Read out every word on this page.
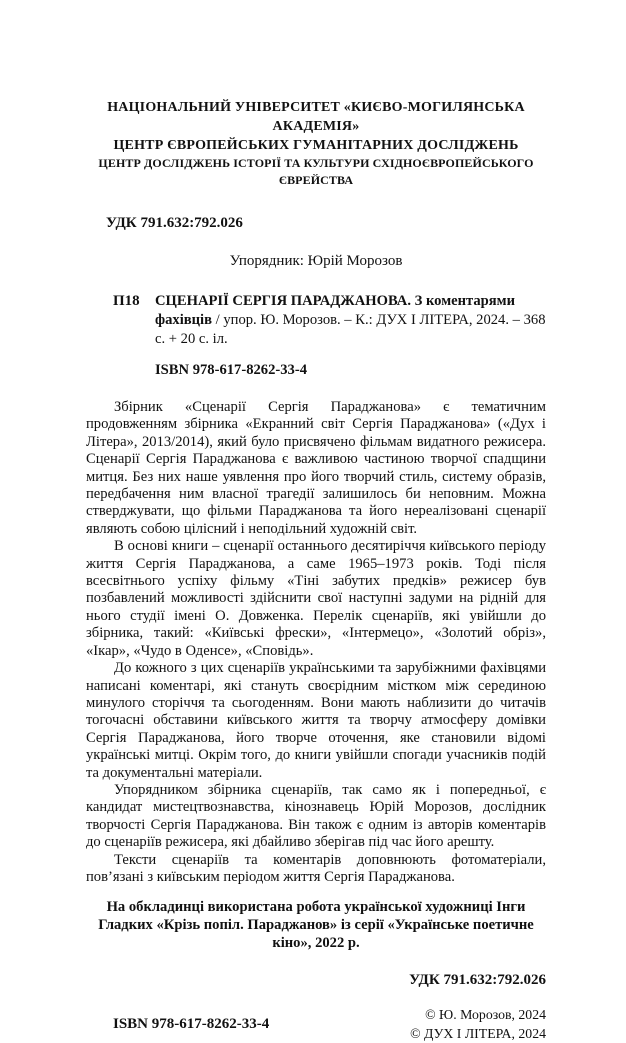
НАЦІОНАЛЬНИЙ УНІВЕРСИТЕТ «КИЄВО-МОГИЛЯНСЬКА АКАДЕМІЯ»
ЦЕНТР ЄВРОПЕЙСЬКИХ ГУМАНІТАРНИХ ДОСЛІДЖЕНЬ
ЦЕНТР ДОСЛІДЖЕНЬ ІСТОРІЇ ТА КУЛЬТУРИ СХІДНОЄВРОПЕЙСЬКОГО ЄВРЕЙСТВА
УДК 791.632:792.026
Упорядник: Юрій Морозов
П18	СЦЕНАРІЇ СЕРГІЯ ПАРАДЖАНОВА. З коментарями фахівців / упор. Ю. Морозов. – К.: ДУХ І ЛІТЕРА, 2024. – 368 с. + 20 с. іл.

ISBN 978-617-8262-33-4

Збірник «Сценарії Сергія Параджанова» є тематичним продовженням збірника «Екранний світ Сергія Параджанова» («Дух і Літера», 2013/2014), який було присвячено фільмам видатного режисера. Сценарії Сергія Параджанова є важливою частиною творчої спадщини митця. Без них наше уявлення про його творчий стиль, систему образів, передбачення ним власної трагедії залишилось би неповним. Можна стверджувати, що фільми Параджанова та його нереалізовані сценарії являють собою цілісний і неподільний художній світ.

В основі книги – сценарії останнього десятиріччя київського періоду життя Сергія Параджанова, а саме 1965–1973 років. Тоді після всесвітнього успіху фільму «Тіні забутих предків» режисер був позбавлений можливості здійснити свої наступні задуми на рідній для нього студії імені О. Довженка. Перелік сценаріїв, які увійшли до збірника, такий: «Київські фрески», «Інтермецо», «Золотий обріз», «Ікар», «Чудо в Оденсе», «Сповідь».

До кожного з цих сценаріїв українськими та зарубіжними фахівцями написані коментарі, які стануть своєрідним містком між серединою минулого сторіччя та сьогоденням. Вони мають наблизити до читачів тогочасні обставини київського життя та творчу атмосферу домівки Сергія Параджанова, його творче оточення, яке становили відомі українські митці. Окрім того, до книги увійшли спогади учасників подій та документальні матеріали.

Упорядником збірника сценаріїв, так само як і попередньої, є кандидат мистецтвознавства, кінознавець Юрій Морозов, дослідник творчості Сергія Параджанова. Він також є одним із авторів коментарів до сценаріїв режисера, які дбайливо зберігав під час його арешту.

Тексти сценаріїв та коментарів доповнюють фотоматеріали, пов’язані з київським періодом життя Сергія Параджанова.

На обкладинці використана робота української художниці Інги Гладких «Крізь попіл. Параджанов» із серії «Українське поетичне кіно», 2022 р.

УДК 791.632:792.026
ISBN 978-617-8262-33-4
© Ю. Морозов, 2024
© ДУХ І ЛІТЕРА, 2024
